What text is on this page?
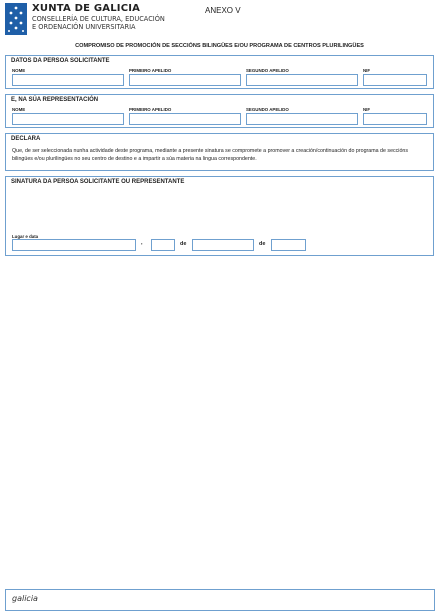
XUNTA DE GALICIA
CONSELLERÍA DE CULTURA, EDUCACIÓN
E ORDENACIÓN UNIVERSITARIA
ANEXO V
COMPROMISO DE PROMOCIÓN DE SECCIÓNS BILINGÜES E/OU PROGRAMA DE CENTROS PLURILINGÜES
DATOS DA PERSOA SOLICITANTE
NOME	PRIMEIRO APELIDO	SEGUNDO APELIDO	NIF
E, NA SÚA REPRESENTACIÓN
NOME	PRIMEIRO APELIDO	SEGUNDO APELIDO	NIF
DECLARA
Que, de ser seleccionada nunha actividade deste programa, mediante a presente sinatura se compromete a promover a creación/continuación do programa de seccións bilingües e/ou plurilingües no seu centro de destino e a impartir a súa materia na lingua correspondente.
SINATURA DA PERSOA SOLICITANTE OU REPRESENTANTE
Lugar e data
,	de	de
galicia
